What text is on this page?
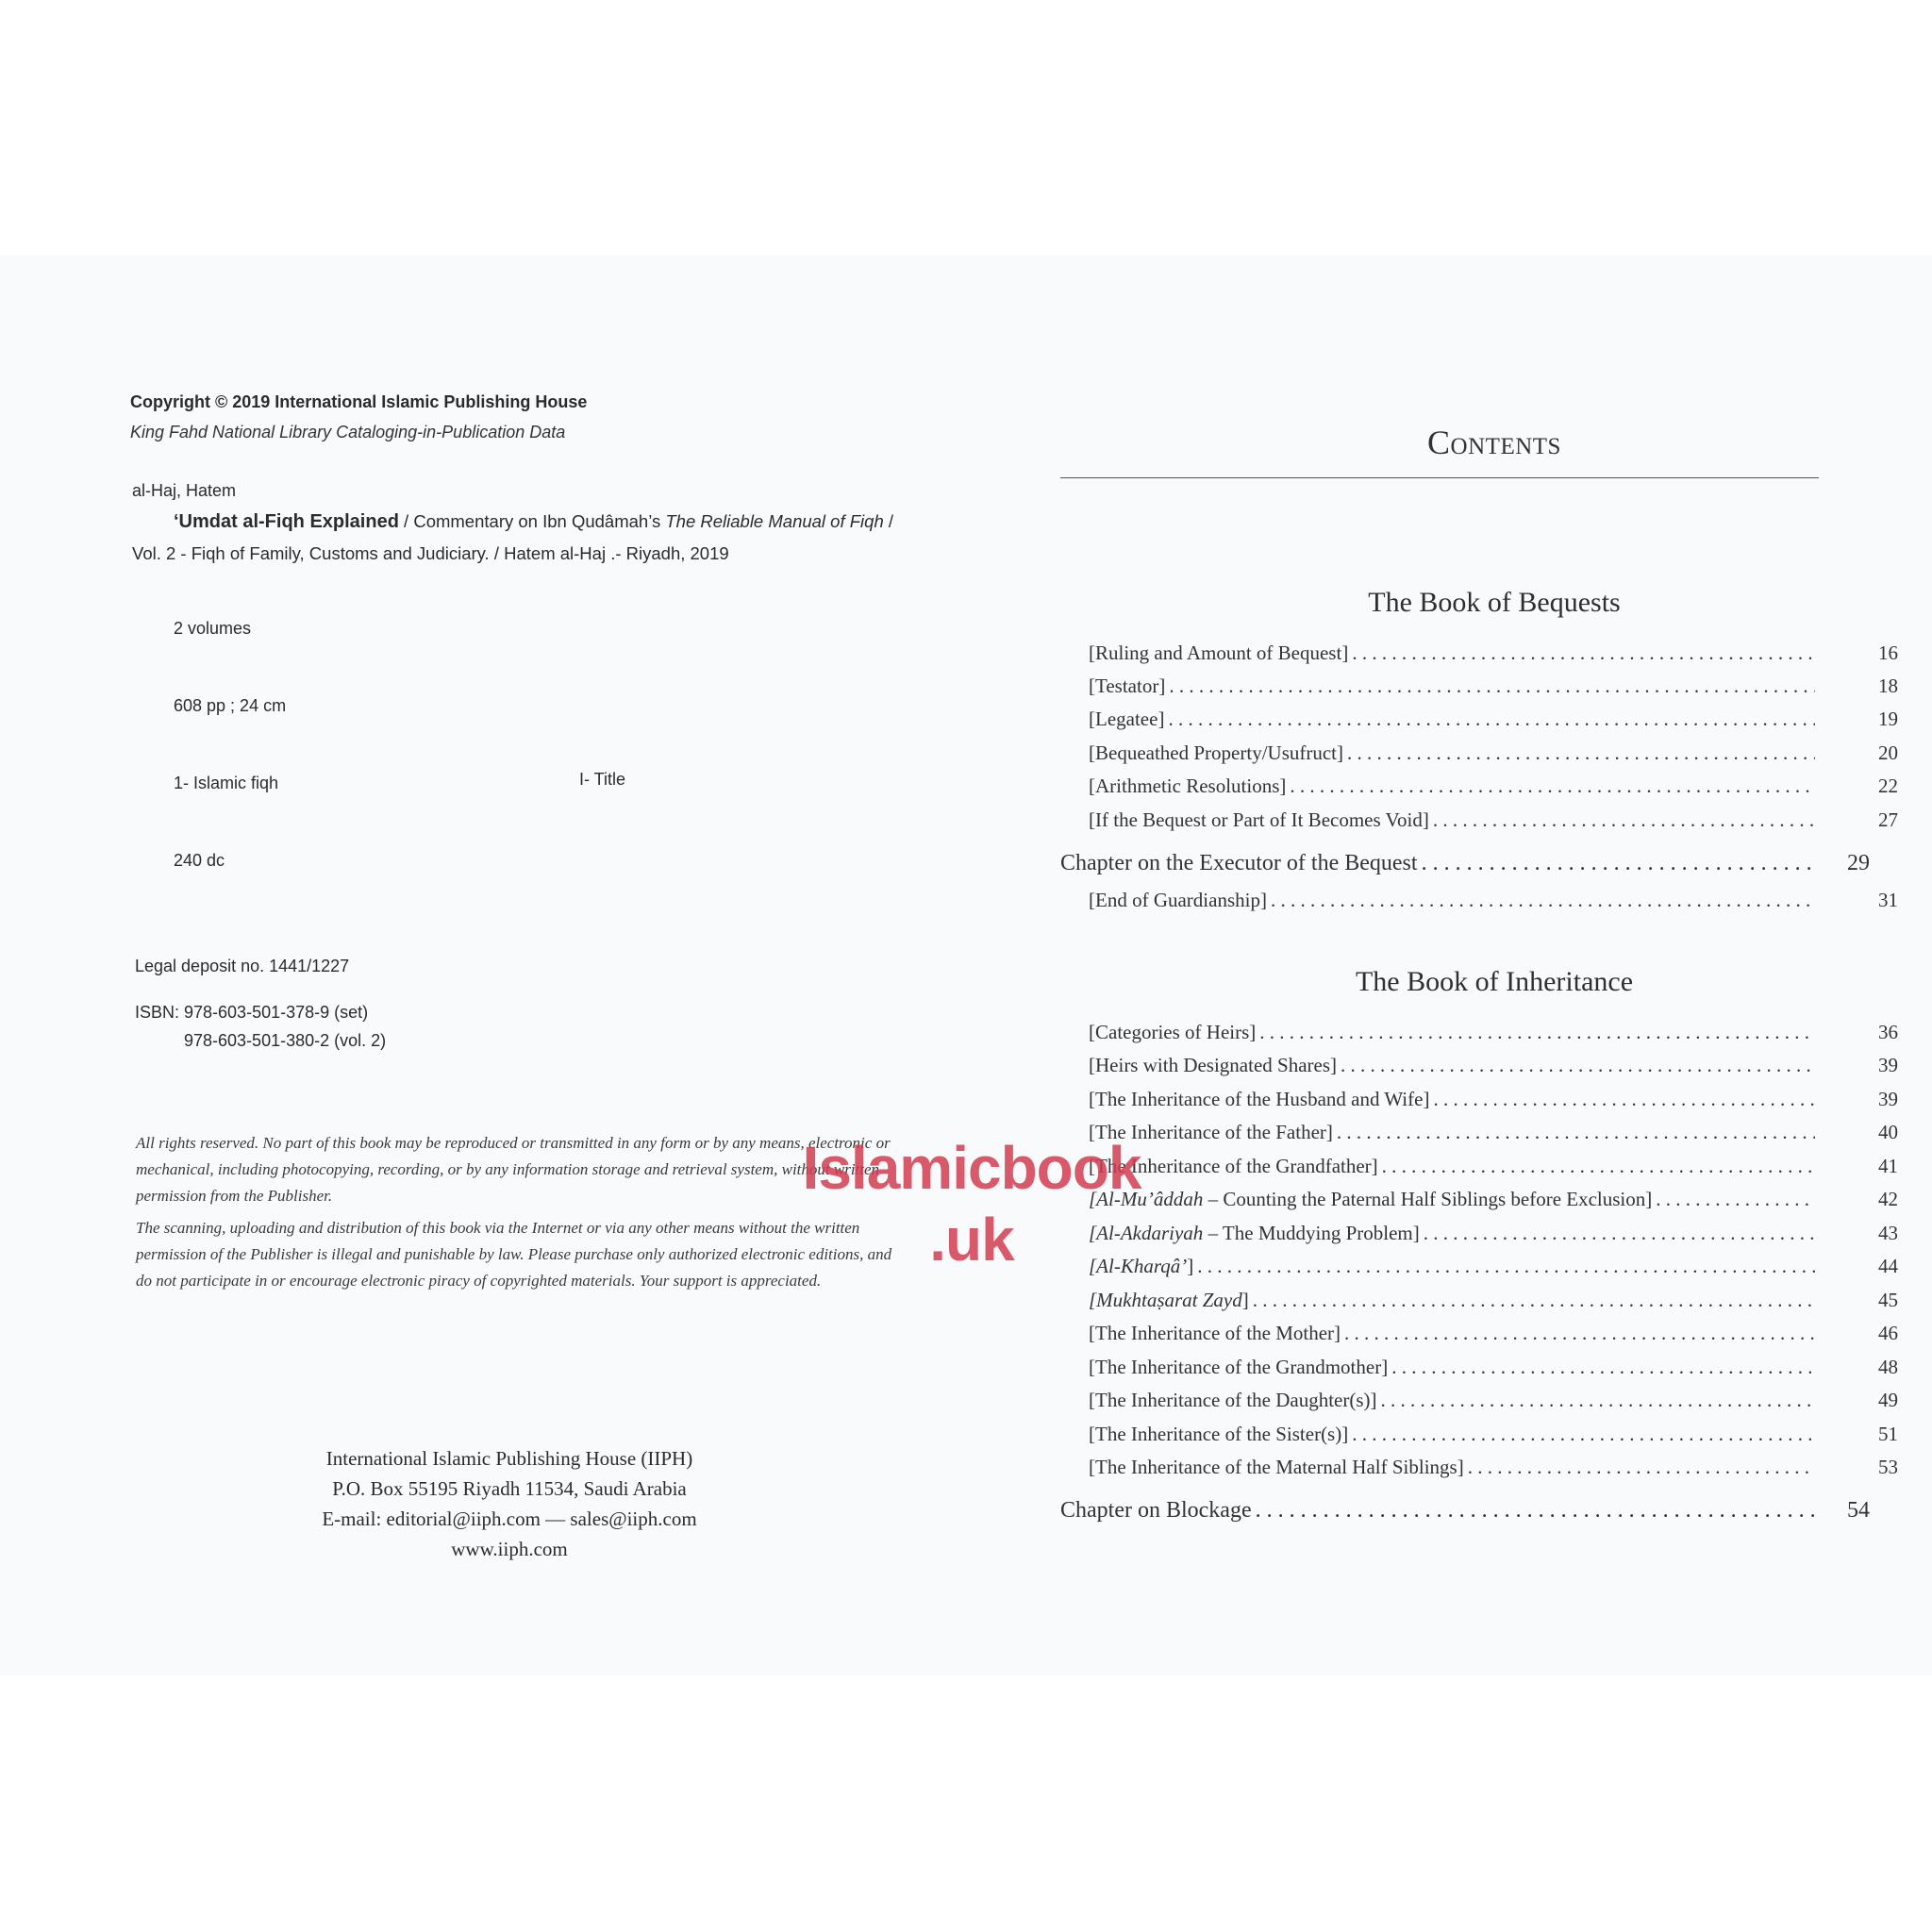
Copyright © 2019 International Islamic Publishing House
King Fahd National Library Cataloging-in-Publication Data
al-Haj, Hatem
‘Umdat al-Fiqh Explained / Commentary on Ibn Qudâmah’s The Reliable Manual of Fiqh / Vol. 2 - Fiqh of Family, Customs and Judiciary. / Hatem al-Haj .- Riyadh, 2019
2 volumes
608 pp ; 24 cm
1- Islamic fiqh	I- Title
240 dc
Legal deposit no. 1441/1227
ISBN: 978-603-501-378-9 (set)
978-603-501-380-2 (vol. 2)
All rights reserved. No part of this book may be reproduced or transmitted in any form or by any means, electronic or mechanical, including photocopying, recording, or by any information storage and retrieval system, without written permission from the Publisher.
The scanning, uploading and distribution of this book via the Internet or via any other means without the written permission of the Publisher is illegal and punishable by law. Please purchase only authorized electronic editions, and do not participate in or encourage electronic piracy of copyrighted materials. Your support is appreciated.
International Islamic Publishing House (IIPH)
P.O. Box 55195 Riyadh 11534, Saudi Arabia
E-mail: editorial@iiph.com — sales@iiph.com
www.iiph.com
Contents
The Book of Bequests
[Ruling and Amount of Bequest] . . .	16
[Testator] . . .	18
[Legatee] . . .	19
[Bequeathed Property/Usufruct] . . .	20
[Arithmetic Resolutions] . . .	22
[If the Bequest or Part of It Becomes Void] . . .	27
Chapter on the Executor of the Bequest . . .	29
[End of Guardianship] . . .	31
The Book of Inheritance
[Categories of Heirs] . . .	36
[Heirs with Designated Shares] . . .	39
[The Inheritance of the Husband and Wife] . . .	39
[The Inheritance of the Father] . . .	40
[The Inheritance of the Grandfather] . . .	41
[Al-Mu’âddah – Counting the Paternal Half Siblings before Exclusion] . . .	42
[Al-Akdariyah – The Muddying Problem] . . .	43
[Al-Kharqâ’] . . .	44
[Mukhtaṣarat Zayd] . . .	45
[The Inheritance of the Mother] . . .	46
[The Inheritance of the Grandmother] . . .	48
[The Inheritance of the Daughter(s)] . . .	49
[The Inheritance of the Sister(s)] . . .	51
[The Inheritance of the Maternal Half Siblings] . . .	53
Chapter on Blockage . . .	54
Islamicbook
.uk
